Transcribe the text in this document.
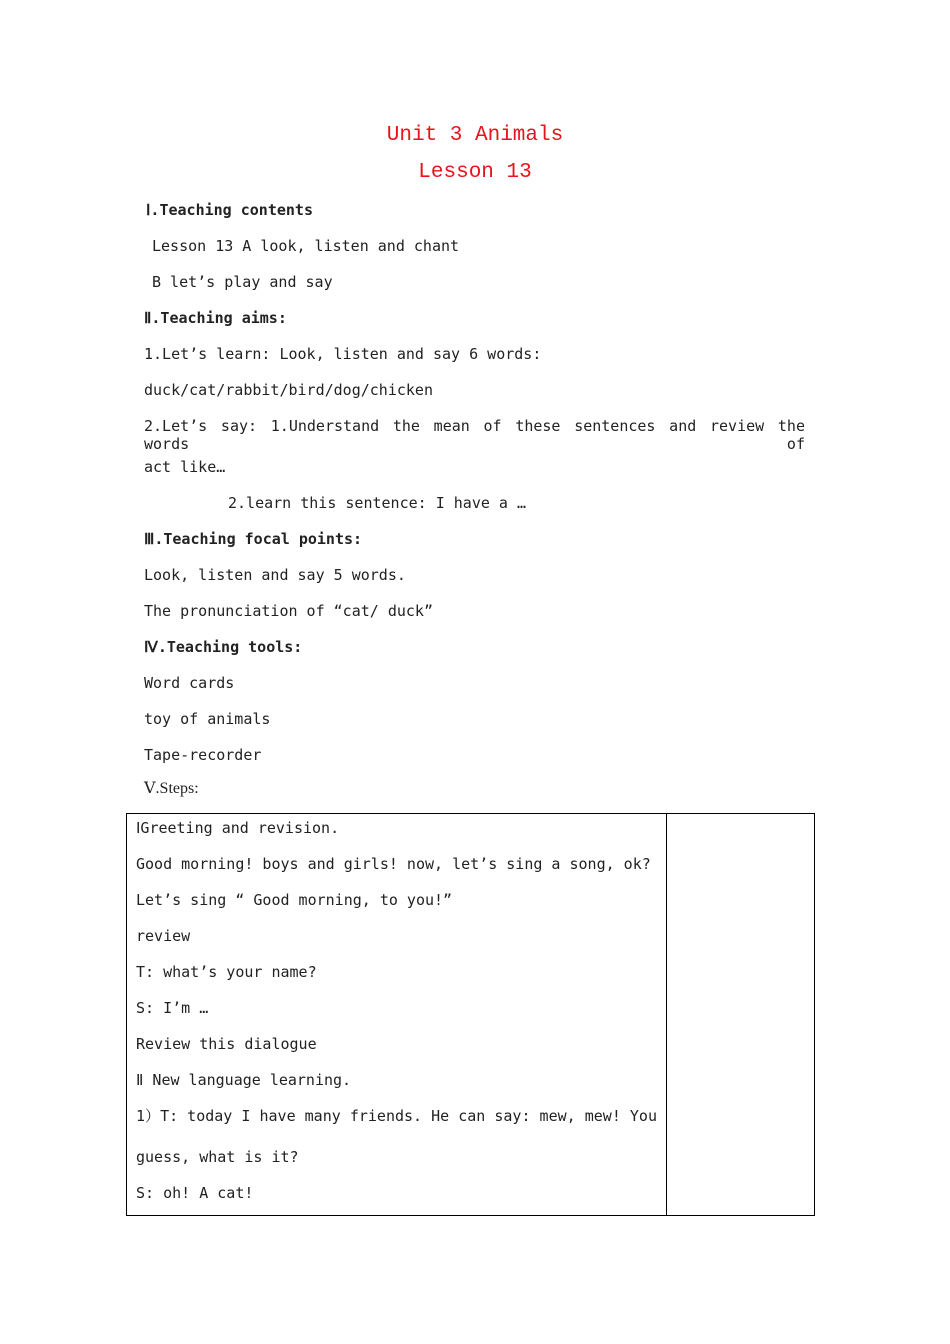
Unit 3 Animals
Lesson 13
Ⅰ.Teaching contents
Lesson 13 A look, listen and chant
B let’s play and say
Ⅱ.Teaching aims:
1.Let’s learn: Look, listen and say 6 words:
duck/cat/rabbit/bird/dog/chicken
2.Let’s say: 1.Understand the mean of these sentences and review the words of
act like…
2.learn this sentence: I have a …
Ⅲ.Teaching focal points:
Look, listen and say 5 words.
The pronunciation of “cat/ duck”
Ⅳ.Teaching tools:
Word cards
toy of animals
Tape-recorder
Ⅴ.Steps:
ⅠGreeting and revision.
Good morning! boys and girls! now, let’s sing a song, ok?
Let’s sing “ Good morning, to you!”
review
T: what’s your name?
S: I’m …
Review this dialogue
Ⅱ New language learning.
1）T: today I have many friends. He can say: mew, mew! You
guess, what is it?
S: oh! A cat!
